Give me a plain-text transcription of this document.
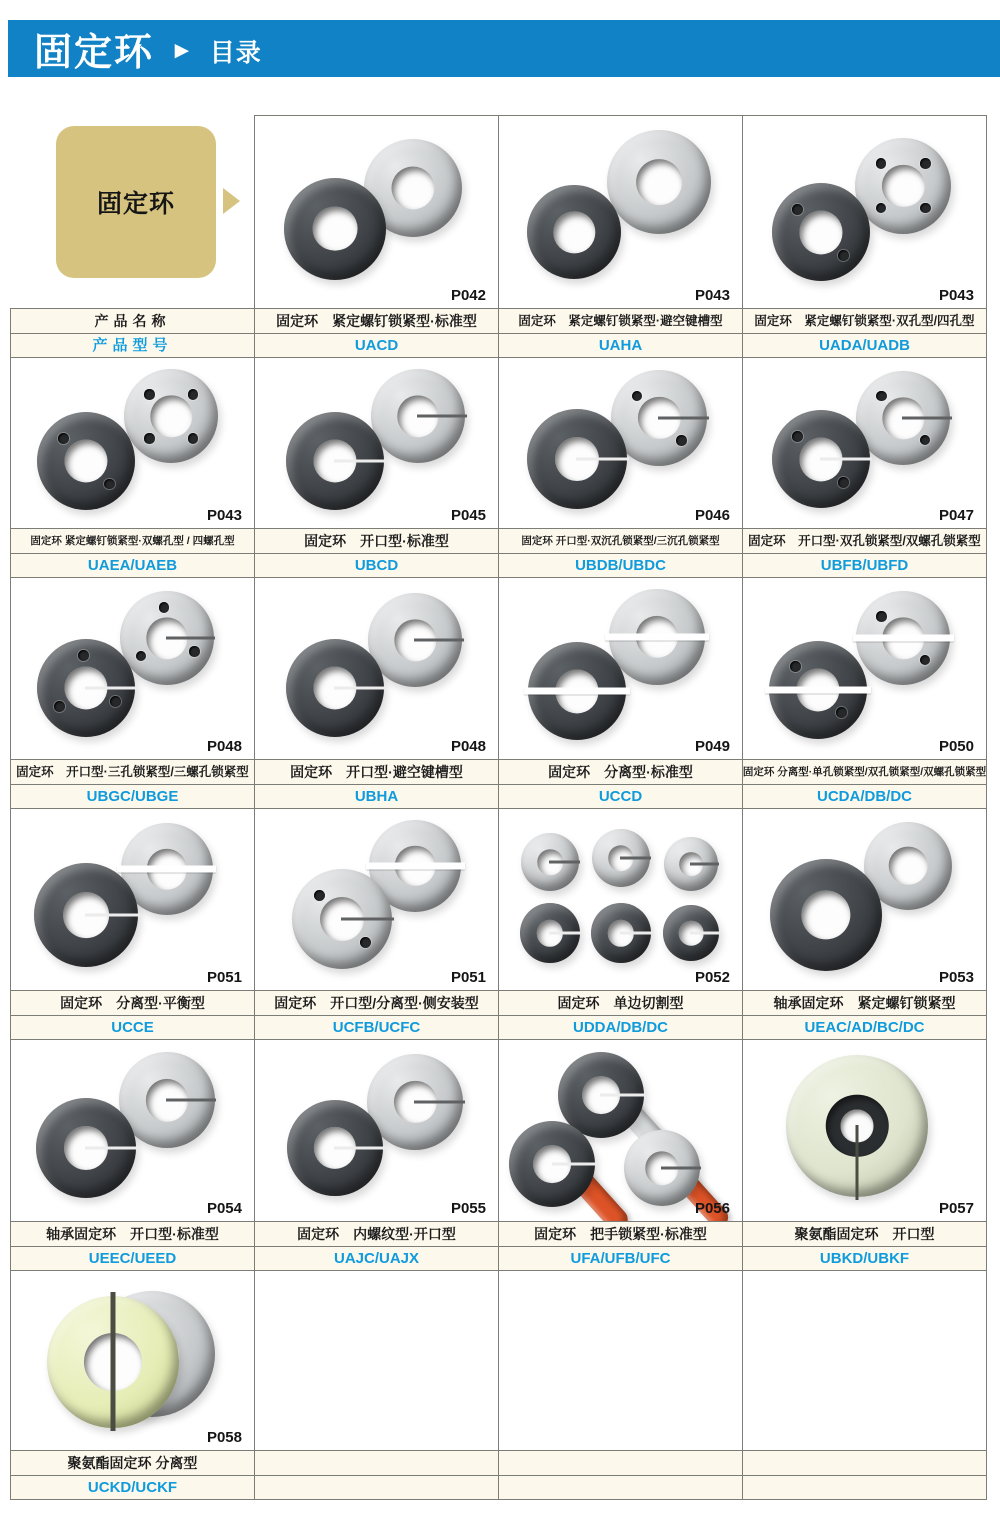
固定环 ► 目录
固定环
P042	P043	P043
产品名称	固定环　紧定螺钉锁紧型·标准型	固定环　紧定螺钉锁紧型·避空键槽型	固定环　紧定螺钉锁紧型·双孔型/四孔型
产品型号	UACD	UAHA	UADA/UADB
P043	P045	P046	P047
固定环 紧定螺钉锁紧型·双螺孔型 / 四螺孔型	固定环　开口型·标准型	固定环 开口型·双沉孔锁紧型/三沉孔锁紧型	固定环　开口型·双孔锁紧型/双螺孔锁紧型
UAEA/UAEB	UBCD	UBDB/UBDC	UBFB/UBFD
P048	P048	P049	P050
固定环　开口型·三孔锁紧型/三螺孔锁紧型	固定环　开口型·避空键槽型	固定环　分离型·标准型	固定环 分离型·单孔锁紧型/双孔锁紧型/双螺孔锁紧型
UBGC/UBGE	UBHA	UCCD	UCDA/DB/DC
P051	P051	P052	P053
固定环　分离型·平衡型	固定环　开口型/分离型·侧安装型	固定环　单边切割型	轴承固定环　紧定螺钉锁紧型
UCCE	UCFB/UCFC	UDDA/DB/DC	UEAC/AD/BC/DC
P054	P055	P056	P057
轴承固定环　开口型·标准型	固定环　内螺纹型·开口型	固定环　把手锁紧型·标准型	聚氨酯固定环　开口型
UEEC/UEED	UAJC/UAJX	UFA/UFB/UFC	UBKD/UBKF
P058
聚氨酯固定环 分离型
UCKD/UCKF
